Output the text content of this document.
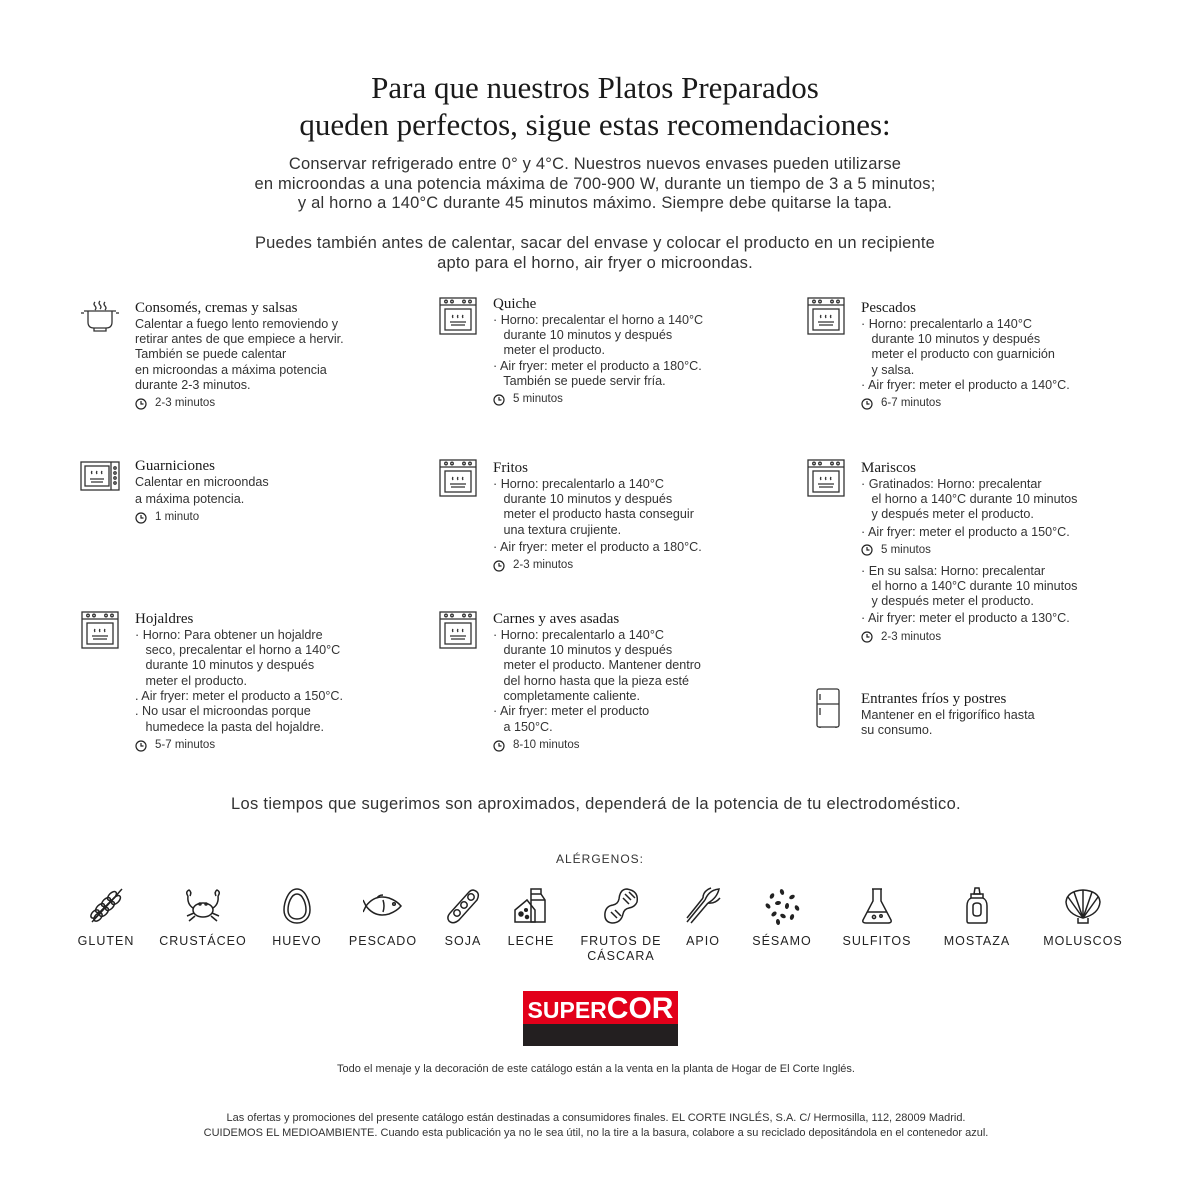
Para que nuestros Platos Preparados
queden perfectos, sigue estas recomendaciones:
Conservar refrigerado entre 0° y 4°C. Nuestros nuevos envases pueden utilizarse
en microondas a una potencia máxima de 700-900 W, durante un tiempo de 3 a 5 minutos;
y al horno a 140°C durante 45 minutos máximo. Siempre debe quitarse la tapa.
Puedes también antes de calentar, sacar del envase y colocar el producto en un recipiente
apto para el horno, air fryer o microondas.
Consomés, cremas y salsas
Calentar a fuego lento removiendo y
retirar antes de que empiece a hervir.
También se puede calentar
en microondas a máxima potencia
durante 2-3 minutos.
2-3 minutos
Quiche
· Horno: precalentar el horno a 140°C
durante 10 minutos y después
meter el producto.
· Air fryer: meter el producto a 180°C.
También se puede servir fría.
5 minutos
Pescados
· Horno: precalentarlo a 140°C
durante 10 minutos y después
meter el producto con guarnición
y salsa.
· Air fryer: meter el producto a 140°C.
6-7 minutos
Guarniciones
Calentar en microondas
a máxima potencia.
1 minuto
Fritos
· Horno: precalentarlo a 140°C
durante 10 minutos y después
meter el producto hasta conseguir
una textura crujiente.
· Air fryer: meter el producto a 180°C.
2-3 minutos
Mariscos
· Gratinados: Horno: precalentar
el horno a 140°C durante 10 minutos
y después meter el producto.
· Air fryer: meter el producto a 150°C.
5 minutos
· En su salsa: Horno: precalentar
el horno a 140°C durante 10 minutos
y después meter el producto.
· Air fryer: meter el producto a 130°C.
2-3 minutos
Hojaldres
· Horno: Para obtener un hojaldre
seco, precalentar el horno a 140°C
durante 10 minutos y después
meter el producto.
. Air fryer: meter el producto a 150°C.
. No usar el microondas porque
humedece la pasta del hojaldre.
5-7 minutos
Carnes y aves asadas
· Horno: precalentarlo a 140°C
durante 10 minutos y después
meter el producto. Mantener dentro
del horno hasta que la pieza esté
completamente caliente.
· Air fryer: meter el producto
a 150°C.
8-10 minutos
Entrantes fríos y postres
Mantener en el frigorífico hasta
su consumo.
Los tiempos que sugerimos son aproximados, dependerá de la potencia de tu electrodoméstico.
ALÉRGENOS:
GLUTEN	CRUSTÁCEO	HUEVO	PESCADO	SOJA	LECHE	FRUTOS DE
CÁSCARA
APIO	SÉSAMO	SULFITOS	MOSTAZA	MOLUSCOS
SUPERCOR
Todo el menaje y la decoración de este catálogo están a la venta en la planta de Hogar de El Corte Inglés.
Las ofertas y promociones del presente catálogo están destinadas a consumidores finales. EL CORTE INGLÉS, S.A. C/ Hermosilla, 112, 28009 Madrid.
CUIDEMOS EL MEDIOAMBIENTE. Cuando esta publicación ya no le sea útil, no la tire a la basura, colabore a su reciclado depositándola en el contenedor azul.
